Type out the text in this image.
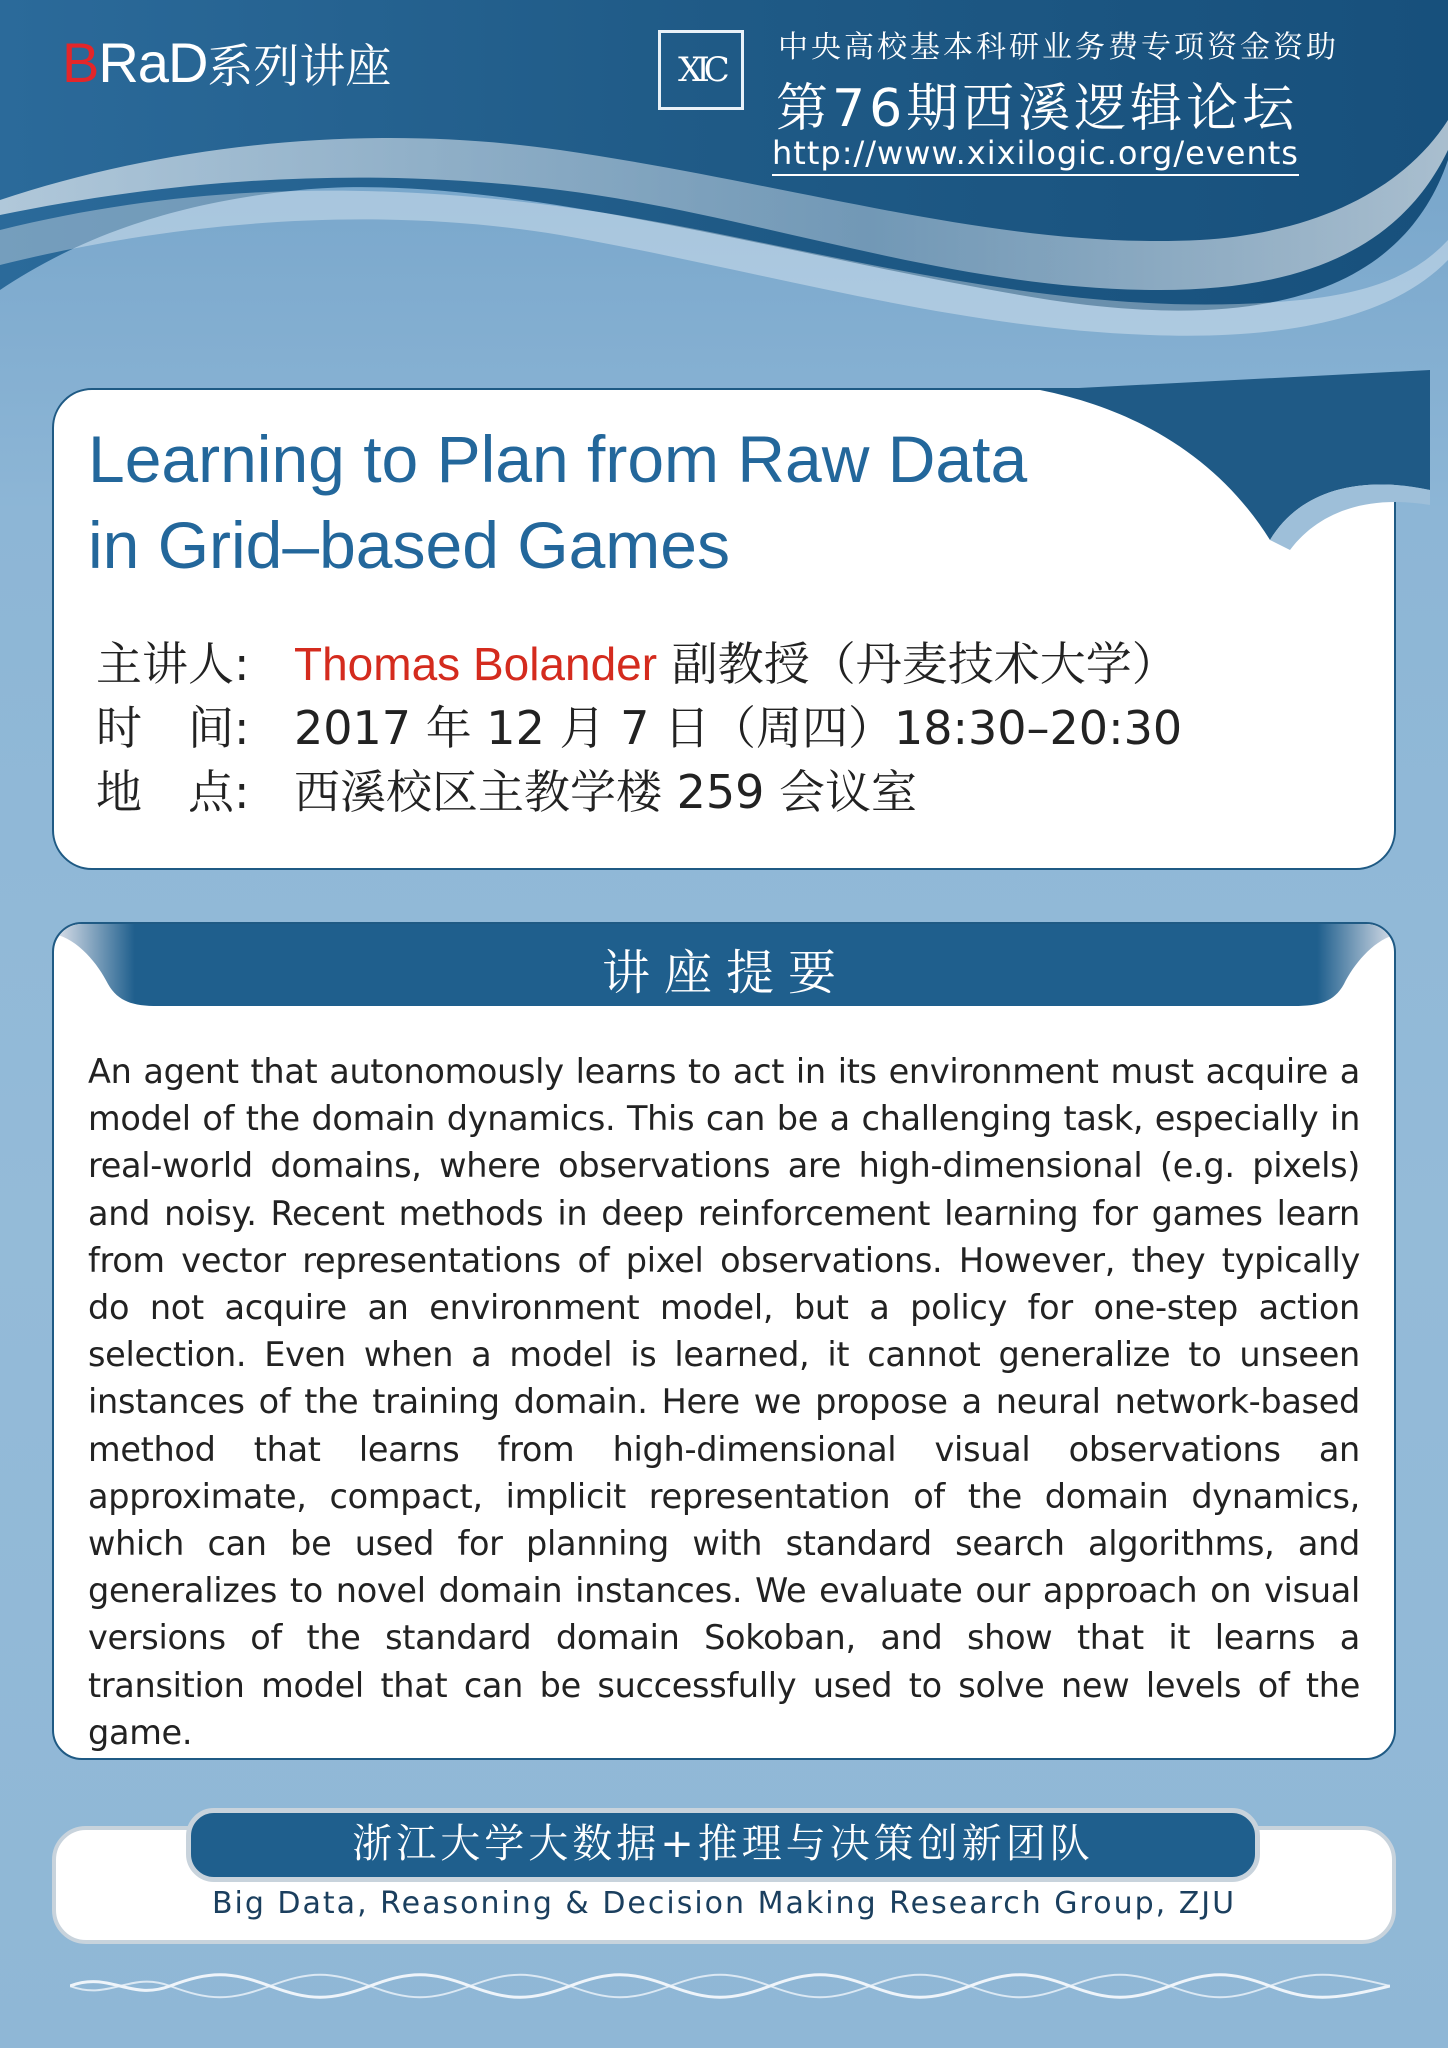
BRaD系列讲座	XIC
中央高校基本科研业务费专项资金资助
第76期西溪逻辑论坛
http://www.xixilogic.org/events
Learning to Plan from Raw Data
in Grid–based Games
主讲人: Thomas Bolander 副教授（丹麦技术大学）
时　间: 2017 年 12 月 7 日（周四）18:30–20:30
地　点: 西溪校区主教学楼 259 会议室
讲座提要
An agent that autonomously learns to act in its environment must acquire a model of the domain dynamics. This can be a challenging task, especially in real-world domains, where observations are high-dimensional (e.g. pixels) and noisy. Recent methods in deep reinforcement learning for games learn from vector representations of pixel observations. However, they typically do not acquire an environment model, but a policy for one-step action selection. Even when a model is learned, it cannot generalize to unseen instances of the training domain. Here we propose a neural network-based method that learns from high-dimensional visual observations an approximate, compact, implicit representation of the domain dynamics, which can be used for planning with standard search algorithms, and generalizes to novel domain instances. We evaluate our approach on visual versions of the standard domain Sokoban, and show that it learns a transition model that can be successfully used to solve new levels of the game.
浙江大学大数据+推理与决策创新团队
Big Data, Reasoning & Decision Making Research Group, ZJU
